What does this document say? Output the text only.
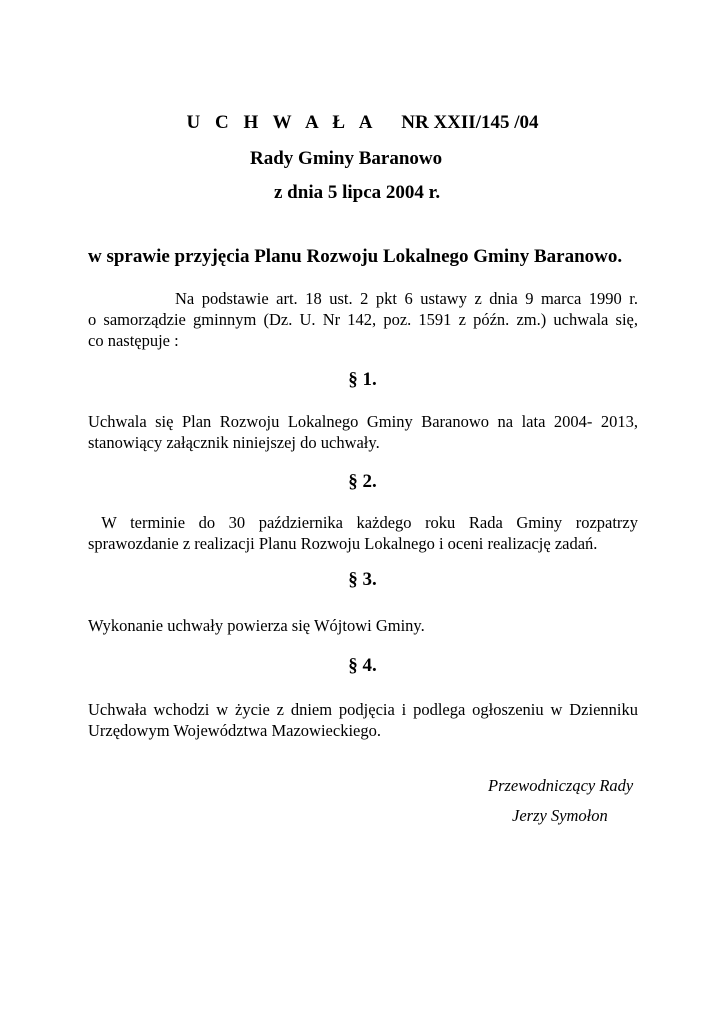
U C H W A Ł A NR XXII/145 /04
Rady Gminy Baranowo
z dnia 5 lipca 2004 r.
w sprawie przyjęcia Planu Rozwoju Lokalnego Gminy Baranowo.
Na podstawie art. 18 ust. 2 pkt 6 ustawy z dnia 9 marca 1990 r.
o samorządzie gminnym (Dz. U. Nr 142, poz. 1591 z późn. zm.) uchwala się,
co następuje :
§ 1.
Uchwala się Plan Rozwoju Lokalnego Gminy Baranowo na lata 2004- 2013,
stanowiący załącznik niniejszej do uchwały.
§ 2.
W terminie do 30 października każdego roku Rada Gminy rozpatrzy
sprawozdanie z realizacji Planu Rozwoju Lokalnego i oceni realizację zadań.
§ 3.
Wykonanie uchwały powierza się Wójtowi Gminy.
§ 4.
Uchwała wchodzi w życie z dniem podjęcia i podlega ogłoszeniu w Dzienniku
Urzędowym Województwa Mazowieckiego.
Przewodniczący Rady
Jerzy Symołon
